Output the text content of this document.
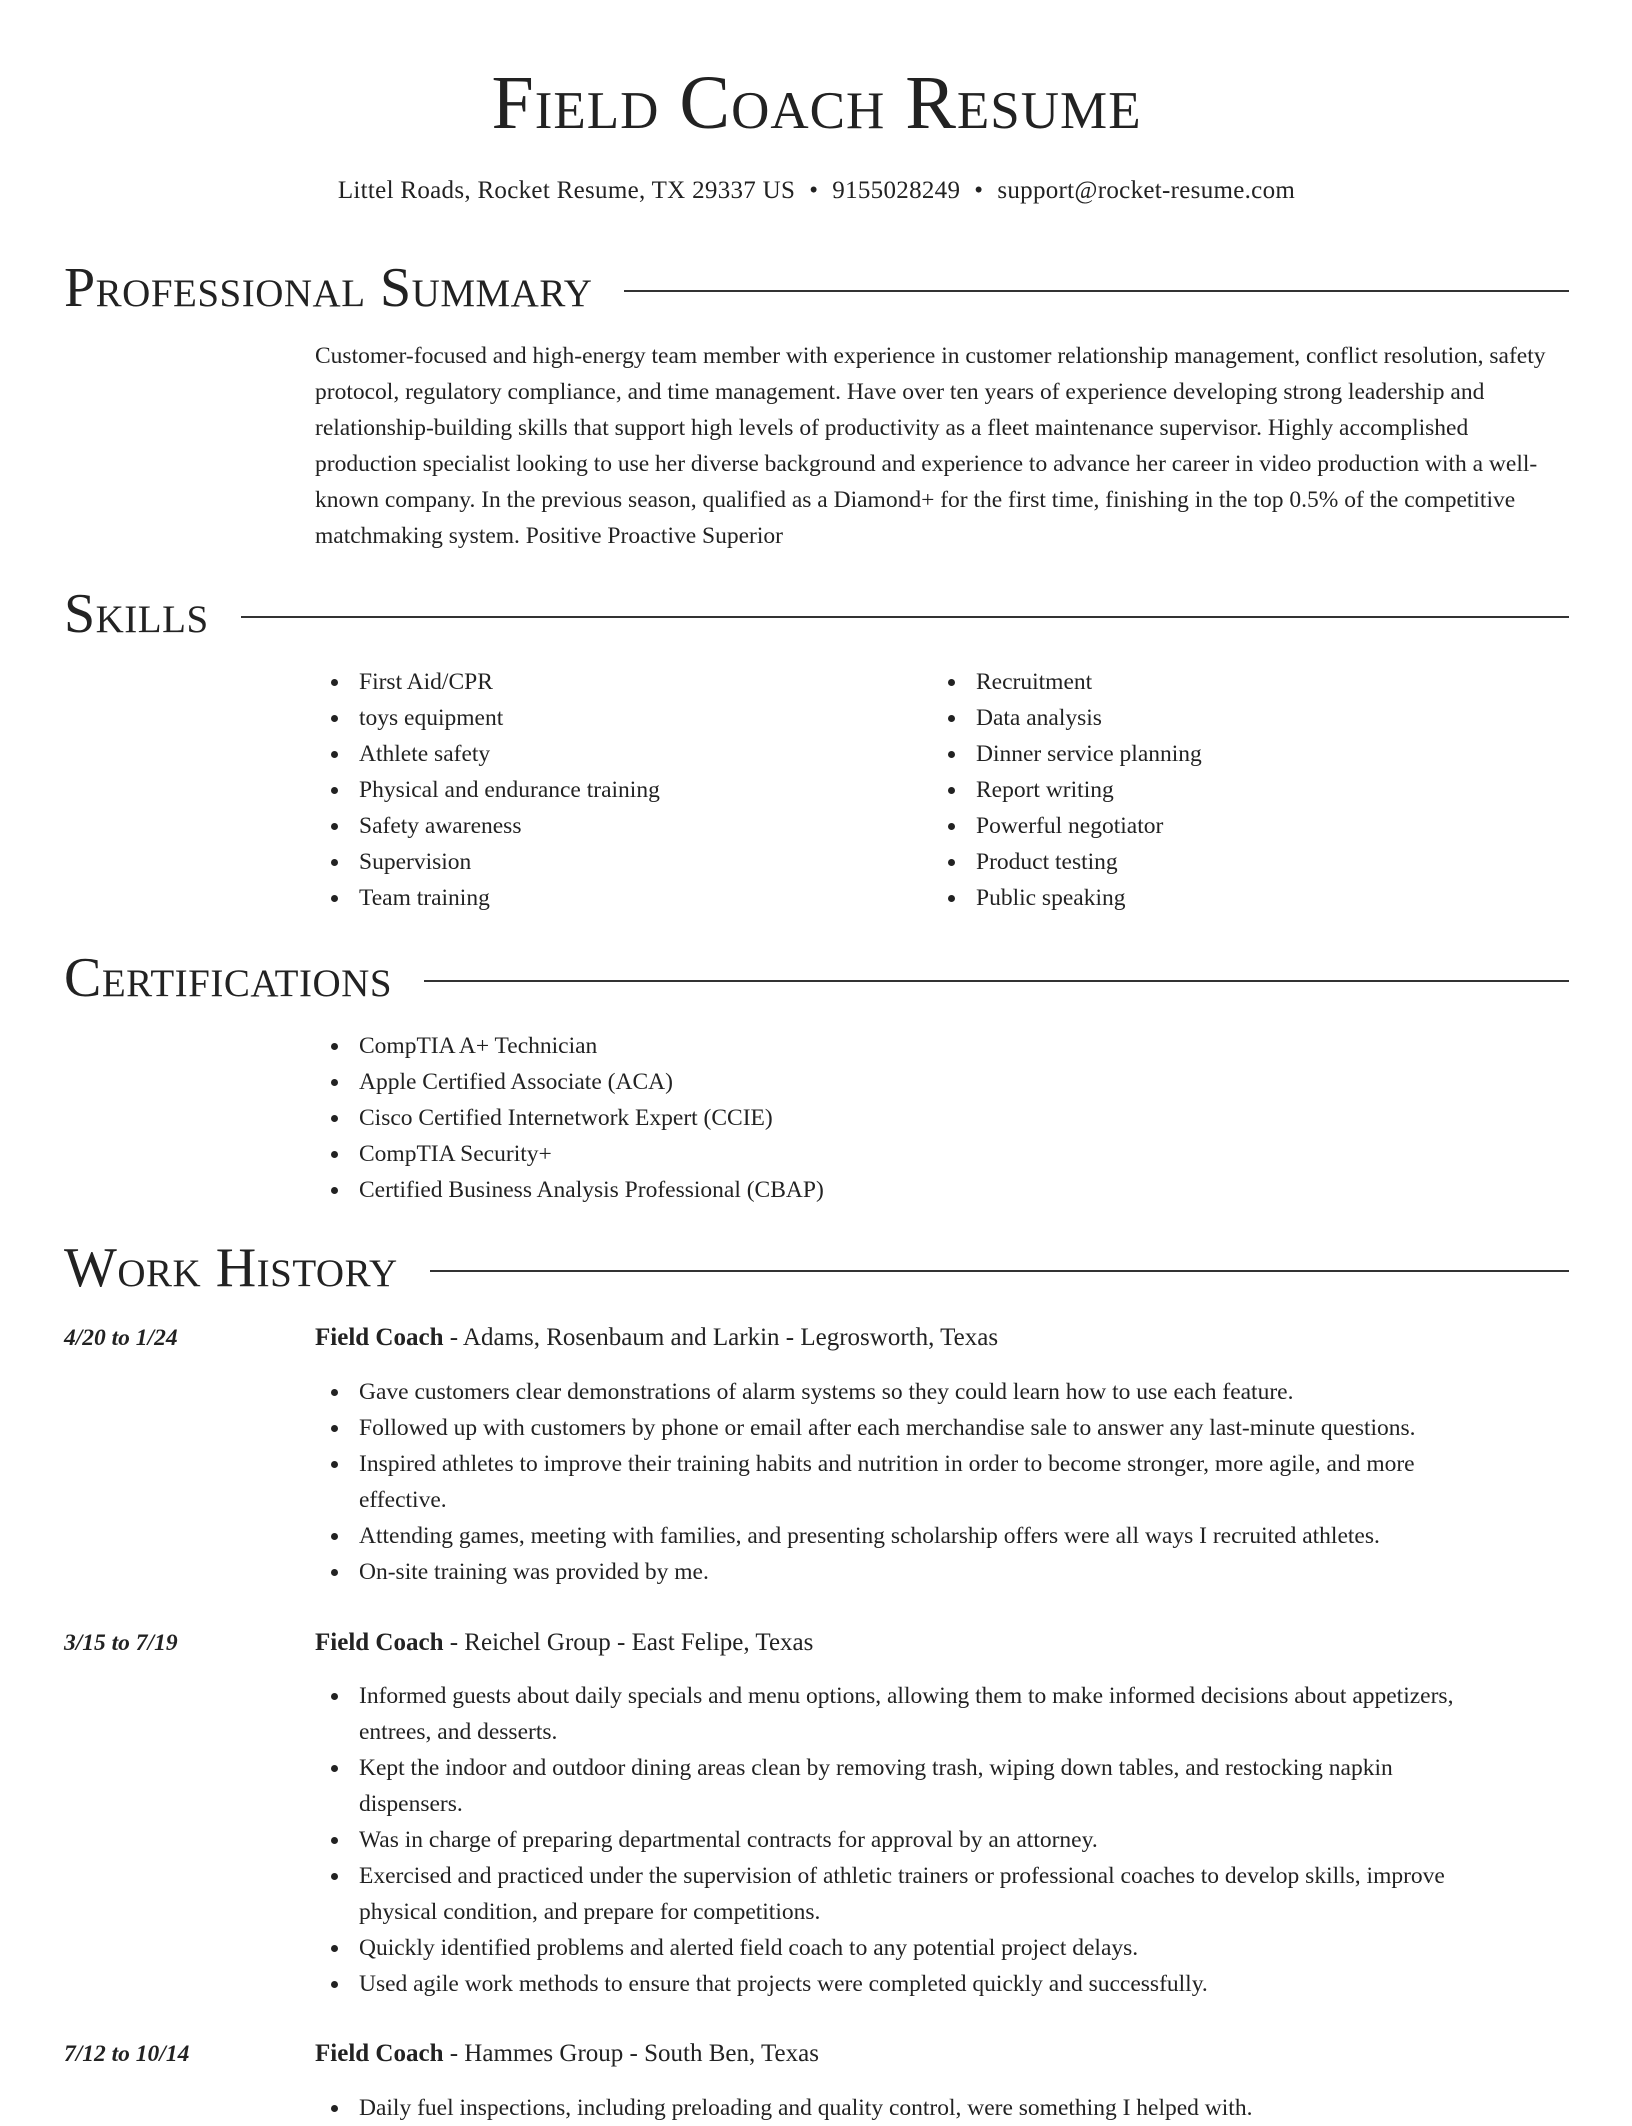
Field Coach Resume
Littel Roads, Rocket Resume, TX 29337 US • 9155028249 • support@rocket-resume.com
Professional Summary

Customer-focused and high-energy team member with experience in customer relationship management, conflict resolution, safety protocol, regulatory compliance, and time management. Have over ten years of experience developing strong leadership and relationship-building skills that support high levels of productivity as a fleet maintenance supervisor. Highly accomplished production specialist looking to use her diverse background and experience to advance her career in video production with a well-known company. In the previous season, qualified as a Diamond+ for the first time, finishing in the top 0.5% of the competitive matchmaking system. Positive Proactive Superior

Skills
First Aid/CPR
toys equipment
Athlete safety
Physical and endurance training
Safety awareness
Supervision
Team training
Recruitment
Data analysis
Dinner service planning
Report writing
Powerful negotiator
Product testing
Public speaking
Certifications
CompTIA A+ Technician
Apple Certified Associate (ACA)
Cisco Certified Internetwork Expert (CCIE)
CompTIA Security+
Certified Business Analysis Professional (CBAP)
Work History
4/20 to 1/24	Field Coach - Adams, Rosenbaum and Larkin - Legrosworth, Texas
Gave customers clear demonstrations of alarm systems so they could learn how to use each feature.
Followed up with customers by phone or email after each merchandise sale to answer any last-minute questions.
Inspired athletes to improve their training habits and nutrition in order to become stronger, more agile, and more effective.
Attending games, meeting with families, and presenting scholarship offers were all ways I recruited athletes.
On-site training was provided by me.
3/15 to 7/19	Field Coach - Reichel Group - East Felipe, Texas
Informed guests about daily specials and menu options, allowing them to make informed decisions about appetizers, entrees, and desserts.
Kept the indoor and outdoor dining areas clean by removing trash, wiping down tables, and restocking napkin dispensers.
Was in charge of preparing departmental contracts for approval by an attorney.
Exercised and practiced under the supervision of athletic trainers or professional coaches to develop skills, improve physical condition, and prepare for competitions.
Quickly identified problems and alerted field coach to any potential project delays.
Used agile work methods to ensure that projects were completed quickly and successfully.
7/12 to 10/14	Field Coach - Hammes Group - South Ben, Texas
Daily fuel inspections, including preloading and quality control, were something I helped with.
